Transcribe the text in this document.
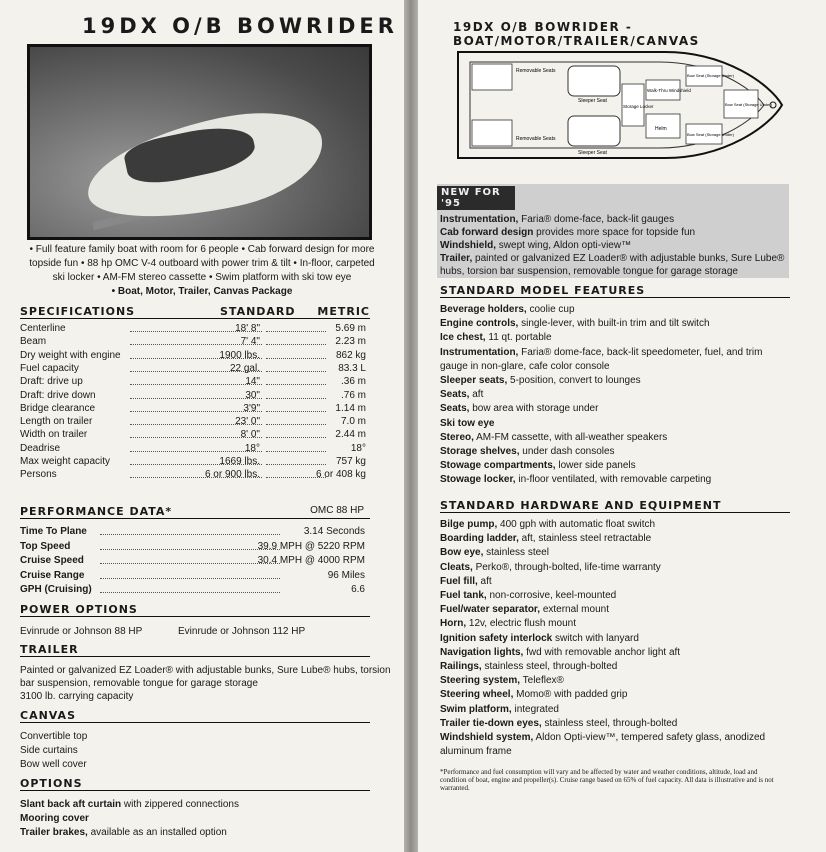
19DX O/B BOWRIDER	19DX O/B BOWRIDER - BOAT/MOTOR/TRAILER/CANVAS
• Full feature family boat with room for 6 people • Cab forward design for more topside fun • 88 hp OMC V-4 outboard with power trim & tilt • In-floor, carpeted ski locker • AM-FM stereo cassette • Swim platform with ski tow eye
• Boat, Motor, Trailer, Canvas Package
SPECIFICATIONS	STANDARD METRIC
Centerline	18' 8"	5.69 m
Beam	7' 4"	2.23 m
Dry weight with engine	1900 lbs.	862 kg
Fuel capacity	22 gal.	83.3 L
Draft: drive up	14"	.36 m
Draft: drive down	30"	.76 m
Bridge clearance	3'9"	1.14 m
Length on trailer	23' 0"	7.0 m
Width on trailer	8' 0"	2.44 m
Deadrise	18°	18°
Max weight capacity	1669 lbs.	757 kg
Persons	6 or 900 lbs.	6 or 408 kg
PERFORMANCE DATA*	OMC 88 HP
Time To Plane	3.14 Seconds
Top Speed	39.9 MPH @ 5220 RPM
Cruise Speed	30.4 MPH @ 4000 RPM
Cruise Range	96 Miles
GPH (Cruising)	6.6
POWER OPTIONS
Evinrude or Johnson 88 HP	Evinrude or Johnson 112 HP
TRAILER
Painted or galvanized EZ Loader® with adjustable bunks, Sure Lube® hubs, torsion
bar suspension, removable tongue for garage storage
3100 lb. carrying capacity
CANVAS
Convertible top
Side curtains
Bow well cover
OPTIONS
Slant back aft curtain with zippered connections
Mooring cover
Trailer brakes, available as an installed option
Removable Seats
Removable Seats
Sleeper Seat
Sleeper Seat
Storage Locker
Walk-Thru Windshield
Helm
Bow Seat (Storage Under)
Bow Seat (Storage Under)
Bow Seat (Storage Under)
NEW FOR '95
Instrumentation, Faria® dome-face, back-lit gauges
Cab forward design provides more space for topside fun
Windshield, swept wing, Aldon opti-view™
Trailer, painted or galvanized EZ Loader® with adjustable bunks, Sure Lube® hubs, torsion bar suspension, removable tongue for garage storage
STANDARD MODEL FEATURES
Beverage holders, coolie cup
Engine controls, single-lever, with built-in trim and tilt switch
Ice chest, 11 qt. portable
Instrumentation, Faria® dome-face, back-lit speedometer, fuel, and trim gauge in non-glare, cafe color console
Sleeper seats, 5-position, convert to lounges
Seats, aft
Seats, bow area with storage under
Ski tow eye
Stereo, AM-FM cassette, with all-weather speakers
Storage shelves, under dash consoles
Stowage compartments, lower side panels
Stowage locker, in-floor ventilated, with removable carpeting
STANDARD HARDWARE AND EQUIPMENT
Bilge pump, 400 gph with automatic float switch
Boarding ladder, aft, stainless steel retractable
Bow eye, stainless steel
Cleats, Perko®, through-bolted, life-time warranty
Fuel fill, aft
Fuel tank, non-corrosive, keel-mounted
Fuel/water separator, external mount
Horn, 12v, electric flush mount
Ignition safety interlock switch with lanyard
Navigation lights, fwd with removable anchor light aft
Railings, stainless steel, through-bolted
Steering system, Teleflex®
Steering wheel, Momo® with padded grip
Swim platform, integrated
Trailer tie-down eyes, stainless steel, through-bolted
Windshield system, Aldon Opti-view™, tempered safety glass, anodized aluminum frame
*Performance and fuel consumption will vary and be affected by water and weather conditions, altitude, load and condition of boat, engine and propeller(s). Cruise range based on 65% of fuel capacity. All data is illustrative and is not warranted.
